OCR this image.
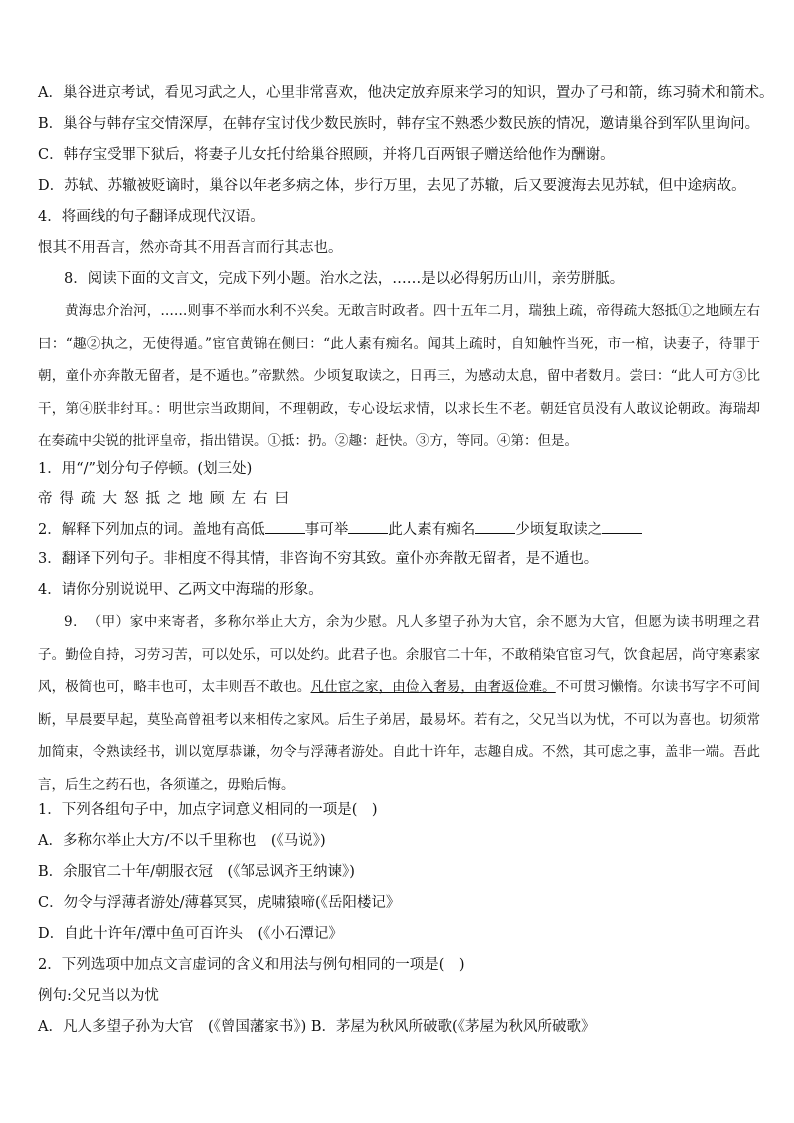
A．巢谷进京考试，看见习武之人，心里非常喜欢，他决定放弃原来学习的知识，置办了弓和箭，练习骑术和箭术。
B．巢谷与韩存宝交情深厚，在韩存宝讨伐少数民族时，韩存宝不熟悉少数民族的情况，邀请巢谷到军队里询问。
C．韩存宝受罪下狱后，将妻子儿女托付给巢谷照顾，并将几百两银子赠送给他作为酬谢。
D．苏轼、苏辙被贬谪时，巢谷以年老多病之体，步行万里，去见了苏辙，后又要渡海去见苏轼，但中途病故。
4．将画线的句子翻译成现代汉语。
恨其不用吾言，然亦奇其不用吾言而行其志也。
8．阅读下面的文言文，完成下列小题。治水之法，……是以必得躬历山川，亲劳胼胝。
黄海忠介治河，……则事不举而水利不兴矣。无敢言时政者。四十五年二月，瑞独上疏，帝得疏大怒抵①之地顾左右曰：“趣②执之，无使得遁。”宦官黄锦在侧曰：“此人素有痴名。闻其上疏时，自知触忤当死，市一棺，诀妻子，待罪于朝，童仆亦奔散无留者，是不遁也。”帝默然。少顷复取读之，日再三，为感动太息，留中者数月。尝曰：“此人可方③比干，第④朕非纣耳。：明世宗当政期间，不理朝政，专心设坛求情，以求长生不老。朝廷官员没有人敢议论朝政。海瑞却在奏疏中尖锐的批评皇帝，指出错误。①抵：扔。②趣：赶快。③方，等同。④第：但是。
1．用“/”划分句子停顿。(划三处)
帝得疏大怒抵之地顾左右曰
2．解释下列加点的词。盖地有高低	事可举	此人素有痴名	少顷复取读之
3．翻译下列句子。非相度不得其情，非咨询不穷其致。童仆亦奔散无留者，是不遁也。
4．请你分别说说甲、乙两文中海瑞的形象。
9．　（甲）家中来寄者，多称尔举止大方，余为少慰。凡人多望子孙为大官，余不愿为大官，但愿为读书明理之君子。勤俭自持，习劳习苦，可以处乐，可以处约。此君子也。余服官二十年，不敢稍染官宦习气，饮食起居，尚守寒素家风，极简也可，略丰也可，太丰则吾不敢也。凡仕宦之家，由俭入奢易，由奢返俭难。不可贯习懒惰。尔读书写字不可间断，早晨要早起，莫坠高曾祖考以来相传之家风。后生子弟居，最易坏。若有之，父兄当以为忧，不可以为喜也。切须常加简束，令熟读经书，训以宽厚恭谦，勿令与浮薄者游处。自此十许年，志趣自成。不然，其可虑之事，盖非一端。吾此言，后生之药石也，各须谨之，毋贻后悔。
1．下列各组句子中，加点字词意义相同的一项是(　)
A．多称尔举止大方/不以千里称也　(《马说》)
B．余服官二十年/朝服衣冠　(《邹忌讽齐王纳谏》)
C．勿令与浮薄者游处/薄暮冥冥，虎啸猿啼(《岳阳楼记》
D．自此十许年/潭中鱼可百许头　(《小石潭记》
2．下列选项中加点文言虚词的含义和用法与例句相同的一项是(　)
例句:父兄当以为忧
A．凡人多望子孙为大官　(《曾国藩家书》) B．茅屋为秋风所破歌(《茅屋为秋风所破歌》
